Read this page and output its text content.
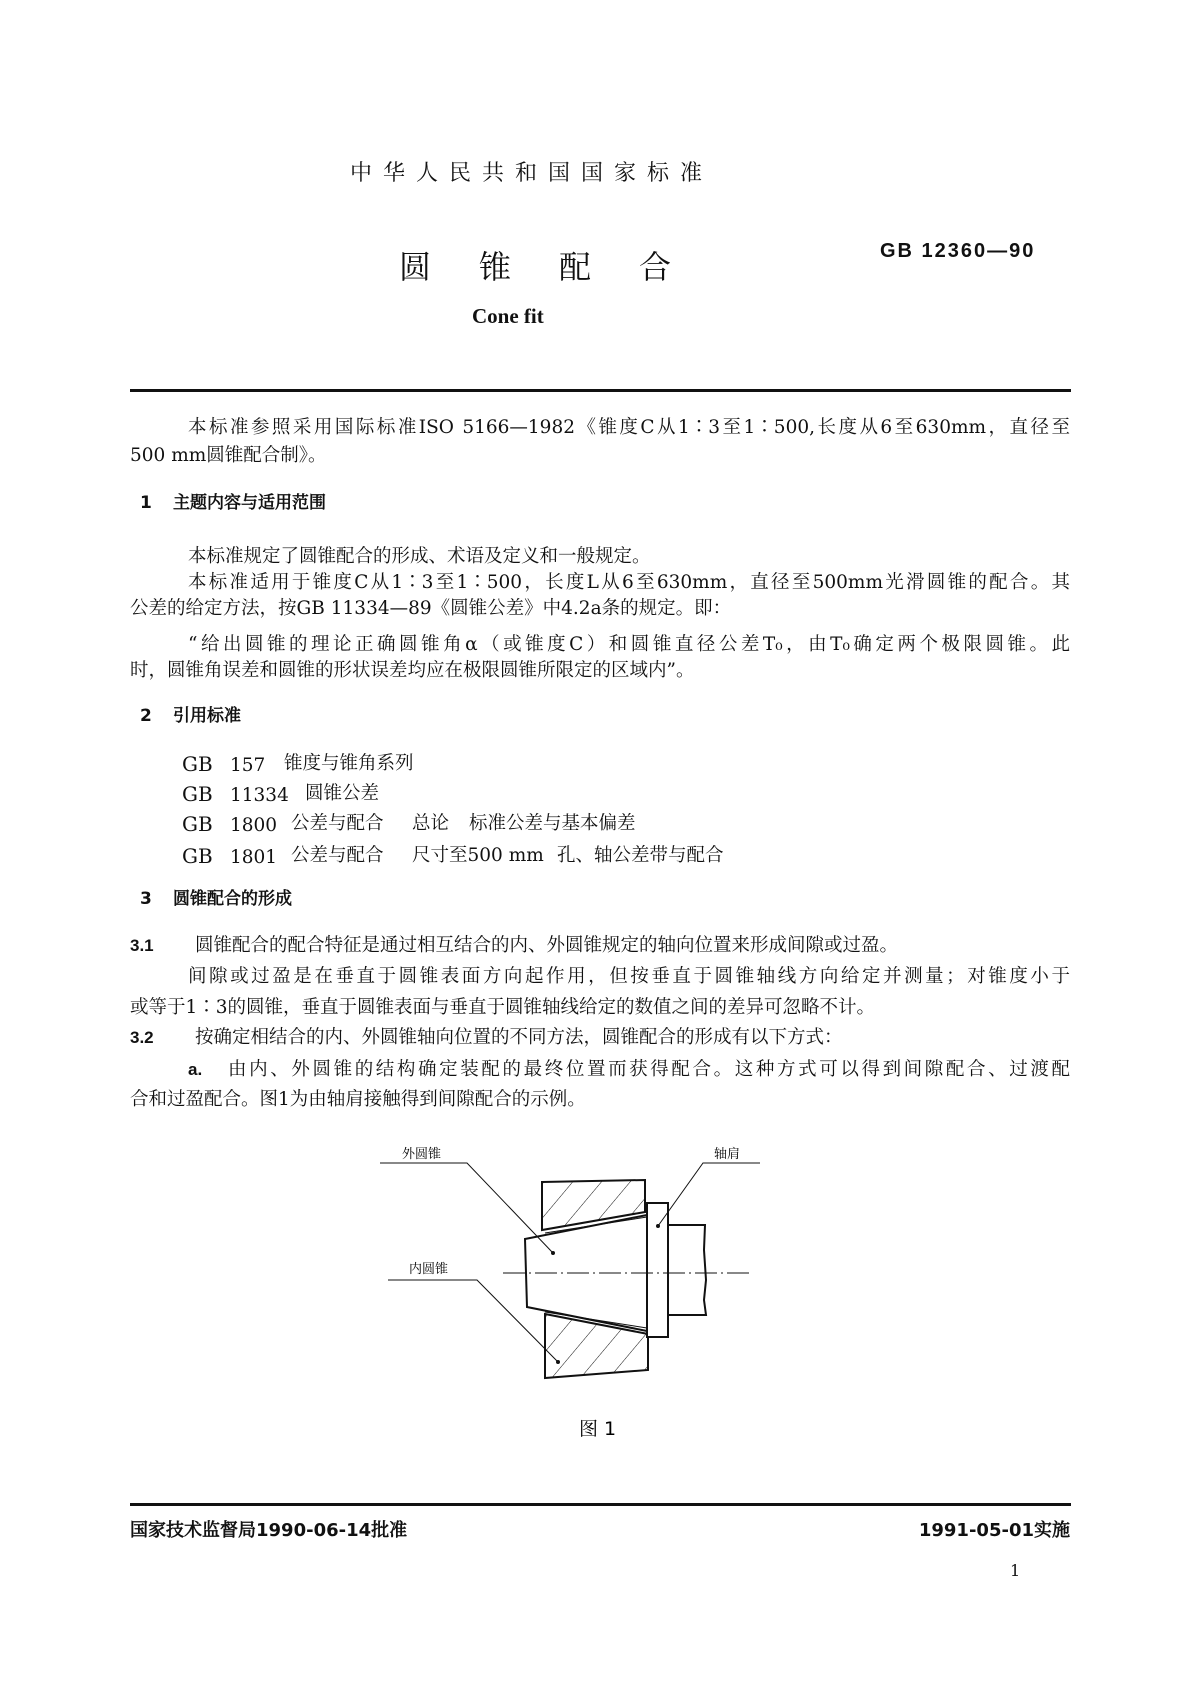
中华人民共和国国家标准
圆锥配合	GB 12360—90
Cone fit
本标准参照采用国际标准ISO 5166—1982《锥度C从1∶3至1∶500,长度从6至630mm，直径至
500 mm圆锥配合制》。
1 主题内容与适用范围
本标准规定了圆锥配合的形成、术语及定义和一般规定。
本标准适用于锥度C从1∶3至1∶500，长度L从6至630mm，直径至500mm光滑圆锥的配合。其
公差的给定方法，按GB 11334—89《圆锥公差》中4.2a条的规定。即：
“给出圆锥的理论正确圆锥角α（或锥度C）和圆锥直径公差T₀，由T₀确定两个极限圆锥。此
时，圆锥角误差和圆锥的形状误差均应在极限圆锥所限定的区域内”。
2 引用标准
GB 157 锥度与锥角系列
GB 11334 圆锥公差
GB 1800 公差与配合 总论 标准公差与基本偏差
GB 1801 公差与配合 尺寸至500 mm 孔、轴公差带与配合
3 圆锥配合的形成
3.1 圆锥配合的配合特征是通过相互结合的内、外圆锥规定的轴向位置来形成间隙或过盈。
间隙或过盈是在垂直于圆锥表面方向起作用，但按垂直于圆锥轴线方向给定并测量；对锥度小于
或等于1∶3的圆锥，垂直于圆锥表面与垂直于圆锥轴线给定的数值之间的差异可忽略不计。
3.2 按确定相结合的内、外圆锥轴向位置的不同方法，圆锥配合的形成有以下方式：
a. 由内、外圆锥的结构确定装配的最终位置而获得配合。这种方式可以得到间隙配合、过渡配
合和过盈配合。图1为由轴肩接触得到间隙配合的示例。
外圆锥
内圆锥
轴肩
图 1
国家技术监督局1990-06-14批准	1991-05-01实施
1
